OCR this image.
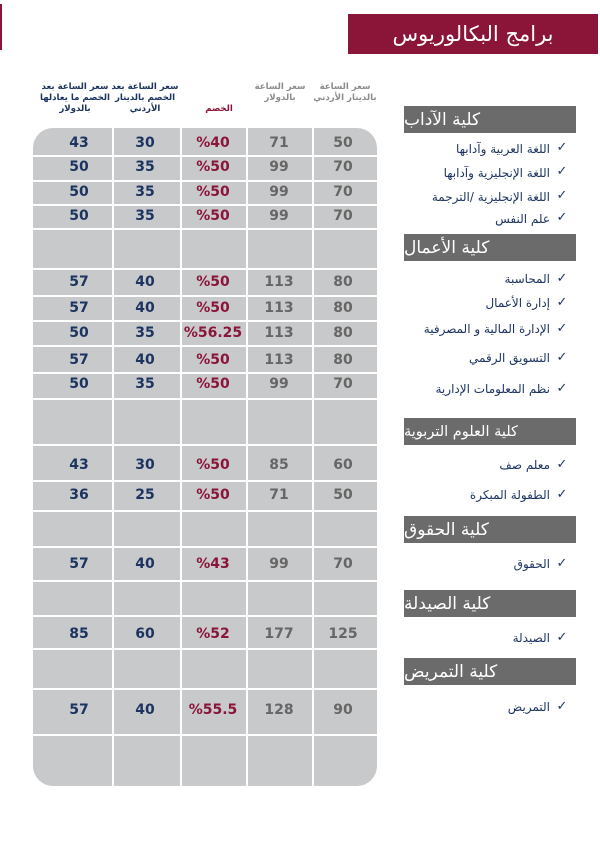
برامج البكالوريوس
سعر الساعة بالدينار الأردني
سعر الساعة بالدولار
الخصم
سعر الساعة بعد الخصم بالدينار الأردني
سعر الساعة بعد الخصم ما يعادلها بالدولار
50
71
%40
30
43
70
99
%50
35
50
70
99
%50
35
50
70
99
%50
35
50
80
113
%50
40
57
80
113
%50
40
57
80
113
%56.25
35
50
80
113
%50
40
57
70
99
%50
35
50
60
85
%50
30
43
50
71
%50
25
36
70
99
%43
40
57
125
177
%52
60
85
90
128
%55.5
40
57
كلية الآداب
✓
اللغة العربية وآدابها
✓
اللغة الإنجليزية وآدابها
✓
اللغة الإنجليزية /الترجمة
✓
علم النفس
كلية الأعمال
✓
المحاسبة
✓
إدارة الأعمال
✓
الإدارة المالية و المصرفية
✓
التسويق الرقمي
✓
نظم المعلومات الإدارية
كلية العلوم التربوية
✓
معلم صف
✓
الطفولة المبكرة
كلية الحقوق
✓
الحقوق
كلية الصيدلة
✓
الصيدلة
كلية التمريض
✓
التمريض
